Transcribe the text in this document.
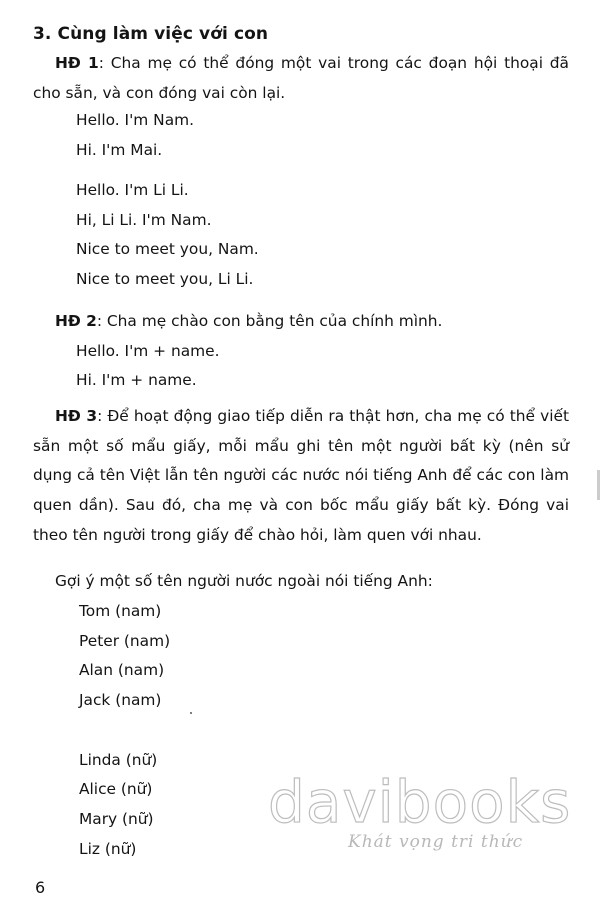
3. Cùng làm việc với con
HĐ 1: Cha mẹ có thể đóng một vai trong các đoạn hội thoại đã cho sẵn, và con đóng vai còn lại.
Hello. I'm Nam.
Hi. I'm Mai.
Hello. I'm Li Li.
Hi, Li Li. I'm Nam.
Nice to meet you, Nam.
Nice to meet you, Li Li.
HĐ 2: Cha mẹ chào con bằng tên của chính mình.
Hello. I'm + name.
Hi. I'm + name.
HĐ 3: Để hoạt động giao tiếp diễn ra thật hơn, cha mẹ có thể viết sẵn một số mẩu giấy, mỗi mẩu ghi tên một người bất kỳ (nên sử dụng cả tên Việt lẫn tên người các nước nói tiếng Anh để các con làm quen dần). Sau đó, cha mẹ và con bốc mẩu giấy bất kỳ. Đóng vai theo tên người trong giấy để chào hỏi, làm quen với nhau.
Gợi ý một số tên người nước ngoài nói tiếng Anh:
Tom (nam)
Peter (nam)
Alan (nam)
Jack (nam)
Linda (nữ)
Alice (nữ)
Mary (nữ)
Liz (nữ)
6
davibooks
Khát vọng tri thức
